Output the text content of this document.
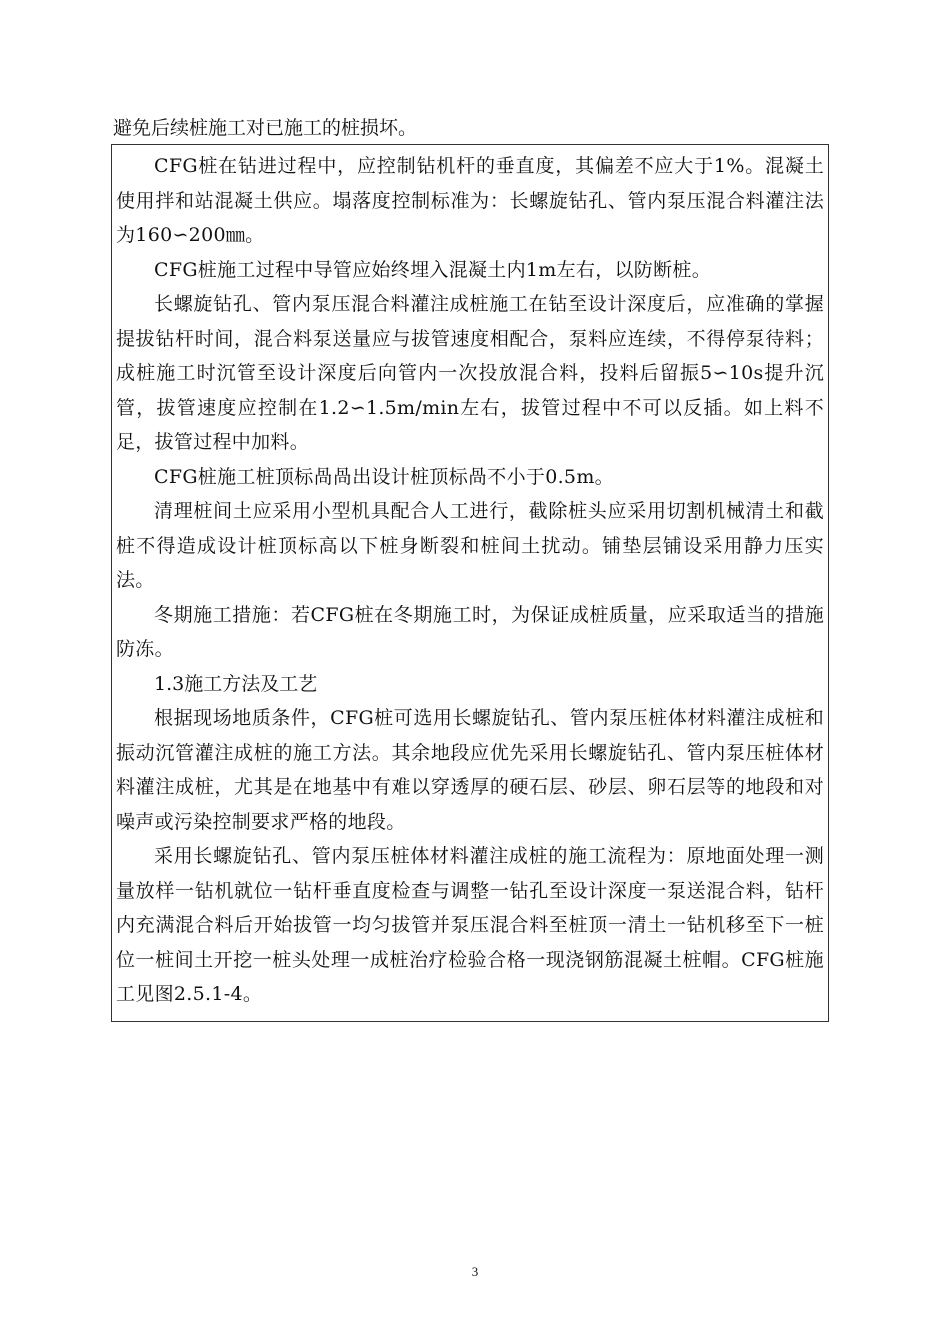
避免后续桩施工对已施工的桩损坏。

CFG桩在钻进过程中，应控制钻机杆的垂直度，其偏差不应大于1%。混凝土使用拌和站混凝土供应。塌落度控制标准为：长螺旋钻孔、管内泵压混合料灌注法为160∽200㎜。

CFG桩施工过程中导管应始终埋入混凝土内1m左右，以防断桩。

长螺旋钻孔、管内泵压混合料灌注成桩施工在钻至设计深度后，应准确的掌握提拔钻杆时间，混合料泵送量应与拔管速度相配合，泵料应连续，不得停泵待料；成桩施工时沉管至设计深度后向管内一次投放混合料，投料后留振5∽10s提升沉管，拔管速度应控制在1.2∽1.5m/min左右，拔管过程中不可以反插。如上料不足，拔管过程中加料。

CFG桩施工桩顶标咼咼出设计桩顶标咼不小于0.5m。

清理桩间土应采用小型机具配合人工进行，截除桩头应采用切割机械清土和截桩不得造成设计桩顶标高以下桩身断裂和桩间土扰动。铺垫层铺设采用静力压实法。

冬期施工措施：若CFG桩在冬期施工时，为保证成桩质量，应采取适当的措施防冻。

1.3施工方法及工艺

根据现场地质条件，CFG桩可选用长螺旋钻孔、管内泵压桩体材料灌注成桩和振动沉管灌注成桩的施工方法。其余地段应优先采用长螺旋钻孔、管内泵压桩体材料灌注成桩，尤其是在地基中有难以穿透厚的硬石层、砂层、卵石层等的地段和对噪声或污染控制要求严格的地段。

采用长螺旋钻孔、管内泵压桩体材料灌注成桩的施工流程为：原地面处理一测量放样一钻机就位一钻杆垂直度检查与调整一钻孔至设计深度一泵送混合料，钻杆内充满混合料后开始拔管一均匀拔管并泵压混合料至桩顶一清土一钻机移至下一桩位一桩间土开挖一桩头处理一成桩治疗检验合格一现浇钢筋混凝土桩帽。CFG桩施工见图2.5.1-4。

3
